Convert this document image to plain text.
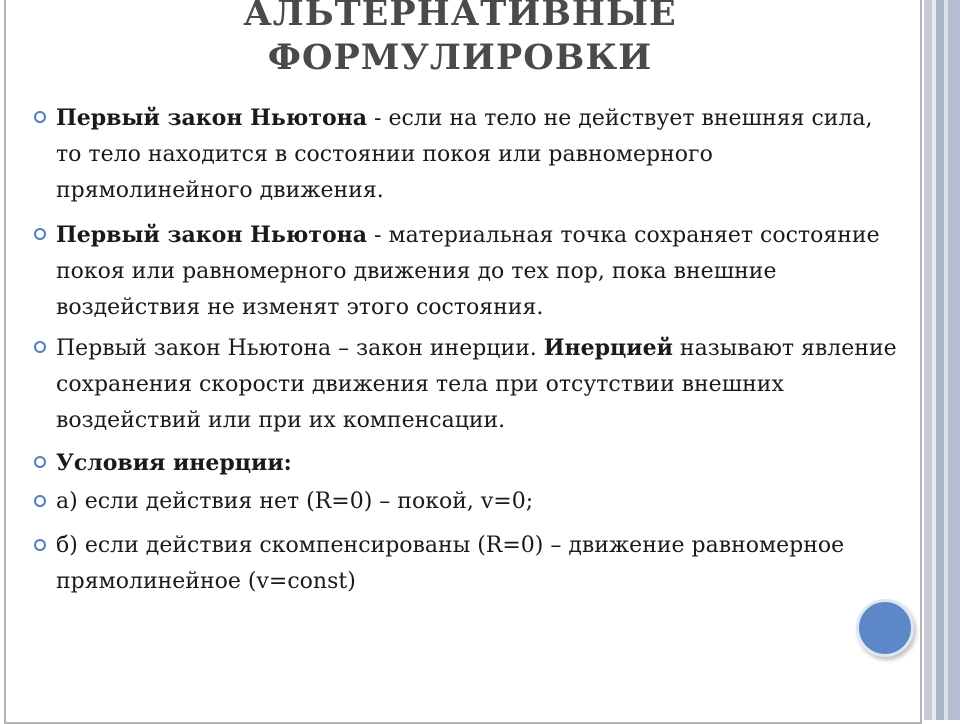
АЛЬТЕРНАТИВНЫЕ
ФОРМУЛИРОВКИ
Первый закон Ньютона - если на тело не действует внешняя сила, то тело находится в состоянии покоя или равномерного прямолинейного движения.
Первый закон Ньютона - материальная точка сохраняет состояние покоя или равномерного движения до тех пор, пока внешние воздействия не изменят этого состояния.
Первый закон Ньютона – закон инерции. Инерцией называют явление сохранения скорости движения тела при отсутствии внешних воздействий или при их компенсации.
Условия инерции:
а) если действия нет (R=0) – покой, v=0;
б) если действия скомпенсированы (R=0) – движение равномерное прямолинейное (v=const)
